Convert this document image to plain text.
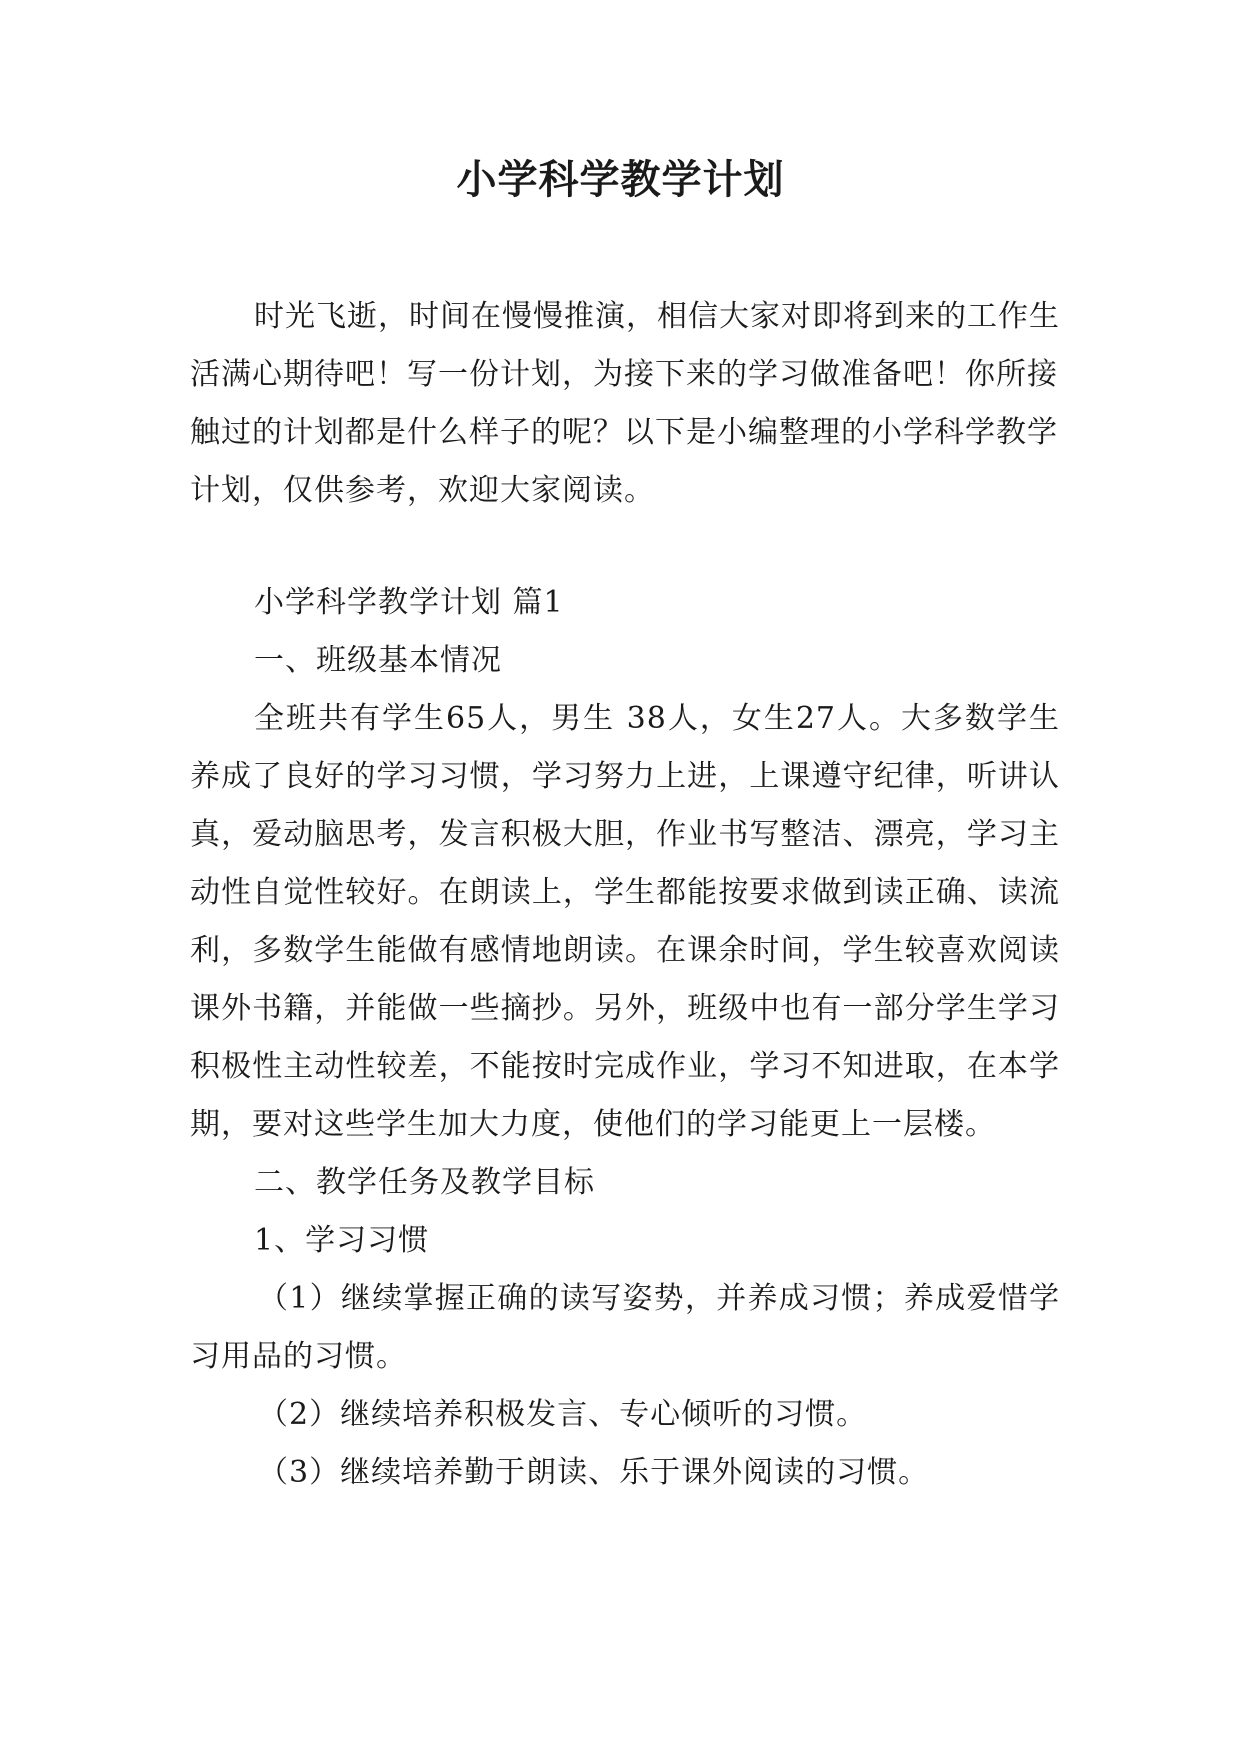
小学科学教学计划

时光飞逝，时间在慢慢推演，相信大家对即将到来的工作生活满心期待吧！写一份计划，为接下来的学习做准备吧！你所接触过的计划都是什么样子的呢？以下是小编整理的小学科学教学计划，仅供参考，欢迎大家阅读。

小学科学教学计划 篇1

一、班级基本情况

全班共有学生65人，男生 38人，女生27人。大多数学生养成了良好的学习习惯，学习努力上进，上课遵守纪律，听讲认真，爱动脑思考，发言积极大胆，作业书写整洁、漂亮，学习主动性自觉性较好。在朗读上，学生都能按要求做到读正确、读流利，多数学生能做有感情地朗读。在课余时间，学生较喜欢阅读课外书籍，并能做一些摘抄。另外，班级中也有一部分学生学习积极性主动性较差，不能按时完成作业，学习不知进取，在本学期，要对这些学生加大力度，使他们的学习能更上一层楼。

二、教学任务及教学目标

1、学习习惯

（1）继续掌握正确的读写姿势，并养成习惯；养成爱惜学习用品的习惯。

（2）继续培养积极发言、专心倾听的习惯。

（3）继续培养勤于朗读、乐于课外阅读的习惯。
